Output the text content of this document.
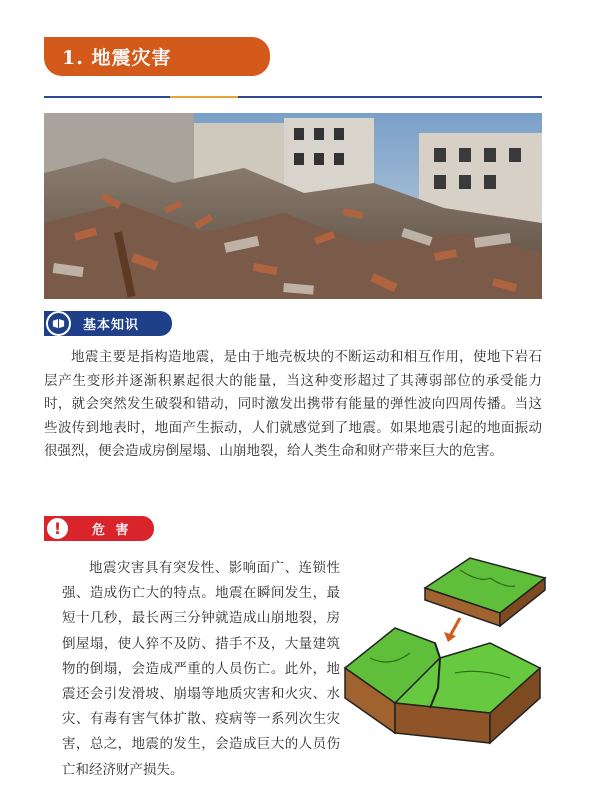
1. 地震灾害
基本知识

地震主要是指构造地震，是由于地壳板块的不断运动和相互作用，使地下岩石层产生变形并逐渐积累起很大的能量，当这种变形超过了其薄弱部位的承受能力时，就会突然发生破裂和错动，同时激发出携带有能量的弹性波向四周传播。当这些波传到地表时，地面产生振动，人们就感觉到了地震。如果地震引起的地面振动很强烈，便会造成房倒屋塌、山崩地裂，给人类生命和财产带来巨大的危害。

!	危 害

地震灾害具有突发性、影响面广、连锁性强、造成伤亡大的特点。地震在瞬间发生，最短十几秒，最长两三分钟就造成山崩地裂，房倒屋塌，使人猝不及防、措手不及，大量建筑物的倒塌，会造成严重的人员伤亡。此外，地震还会引发滑坡、崩塌等地质灾害和火灾、水灾、有毒有害气体扩散、疫病等一系列次生灾害，总之，地震的发生，会造成巨大的人员伤亡和经济财产损失。
